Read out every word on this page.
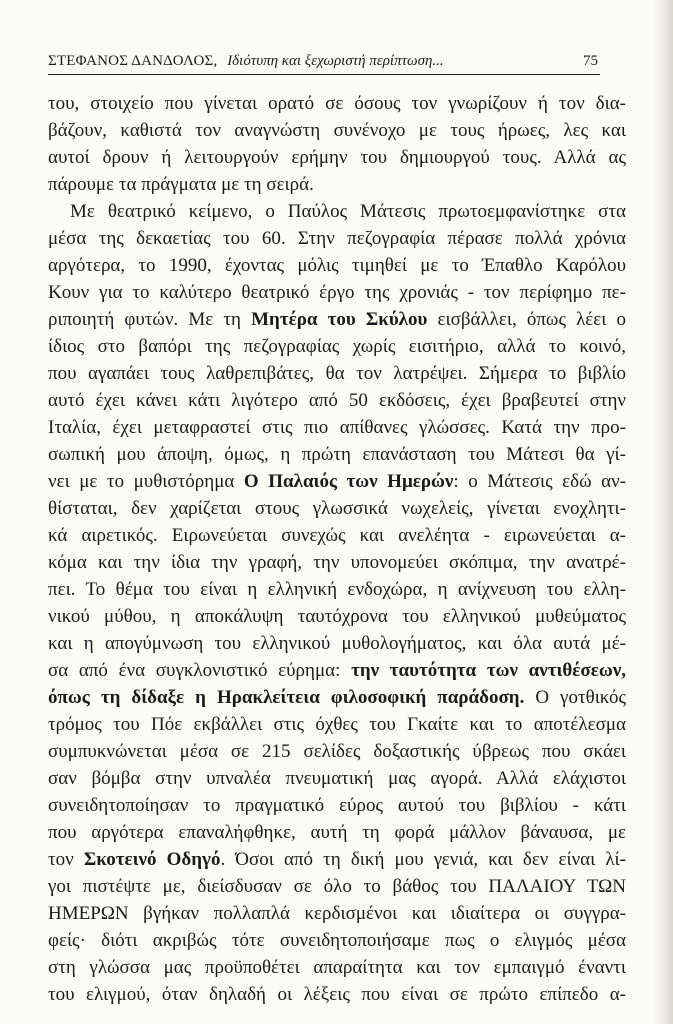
ΣΤΕΦΑΝΟΣ ΔΑΝΔΟΛΟΣ, Ιδιότυπη και ξεχωριστή περίπτωση...	75
του, στοιχείο που γίνεται ορατό σε όσους τον γνωρίζουν ή τον δια-
βάζουν, καθιστά τον αναγνώστη συνένοχο με τους ήρωες, λες και
αυτοί δρουν ή λειτουργούν ερήμην του δημιουργού τους. Αλλά ας
πάρουμε τα πράγματα με τη σειρά.
Με θεατρικό κείμενο, ο Παύλος Μάτεσις πρωτοεμφανίστηκε στα
μέσα της δεκαετίας του 60. Στην πεζογραφία πέρασε πολλά χρόνια
αργότερα, το 1990, έχοντας μόλις τιμηθεί με το Έπαθλο Καρόλου
Κουν για το καλύτερο θεατρικό έργο της χρονιάς - τον περίφημο πε-
ριποιητή φυτών. Με τη Μητέρα του Σκύλου εισβάλλει, όπως λέει ο
ίδιος στο βαπόρι της πεζογραφίας χωρίς εισιτήριο, αλλά το κοινό,
που αγαπάει τους λαθρεπιβάτες, θα τον λατρέψει. Σήμερα το βιβλίο
αυτό έχει κάνει κάτι λιγότερο από 50 εκδόσεις, έχει βραβευτεί στην
Ιταλία, έχει μεταφραστεί στις πιο απίθανες γλώσσες. Κατά την προ-
σωπική μου άποψη, όμως, η πρώτη επανάσταση του Μάτεσι θα γί-
νει με το μυθιστόρημα Ο Παλαιός των Ημερών: ο Μάτεσις εδώ αν-
θίσταται, δεν χαρίζεται στους γλωσσικά νωχελείς, γίνεται ενοχλητι-
κά αιρετικός. Ειρωνεύεται συνεχώς και ανελέητα - ειρωνεύεται α-
κόμα και την ίδια την γραφή, την υπονομεύει σκόπιμα, την ανατρέ-
πει. Το θέμα του είναι η ελληνική ενδοχώρα, η ανίχνευση του ελλη-
νικού μύθου, η αποκάλυψη ταυτόχρονα του ελληνικού μυθεύματος
και η απογύμνωση του ελληνικού μυθολογήματος, και όλα αυτά μέ-
σα από ένα συγκλονιστικό εύρημα: την ταυτότητα των αντιθέσεων,
όπως τη δίδαξε η Ηρακλείτεια φιλοσοφική παράδοση. Ο γοτθικός
τρόμος του Πόε εκβάλλει στις όχθες του Γκαίτε και το αποτέλεσμα
συμπυκνώνεται μέσα σε 215 σελίδες δοξαστικής ύβρεως που σκάει
σαν βόμβα στην υπναλέα πνευματική μας αγορά. Αλλά ελάχιστοι
συνειδητοποίησαν το πραγματικό εύρος αυτού του βιβλίου - κάτι
που αργότερα επαναλήφθηκε, αυτή τη φορά μάλλον βάναυσα, με
τον Σκοτεινό Οδηγό. Όσοι από τη δική μου γενιά, και δεν είναι λί-
γοι πιστέψτε με, διείσδυσαν σε όλο το βάθος του ΠΑΛΑΙΟΥ ΤΩΝ
ΗΜΕΡΩΝ βγήκαν πολλαπλά κερδισμένοι και ιδιαίτερα οι συγγρα-
φείς· διότι ακριβώς τότε συνειδητοποιήσαμε πως ο ελιγμός μέσα
στη γλώσσα μας προϋποθέτει απαραίτητα και τον εμπαιγμό έναντι
του ελιγμού, όταν δηλαδή οι λέξεις που είναι σε πρώτο επίπεδο α-
